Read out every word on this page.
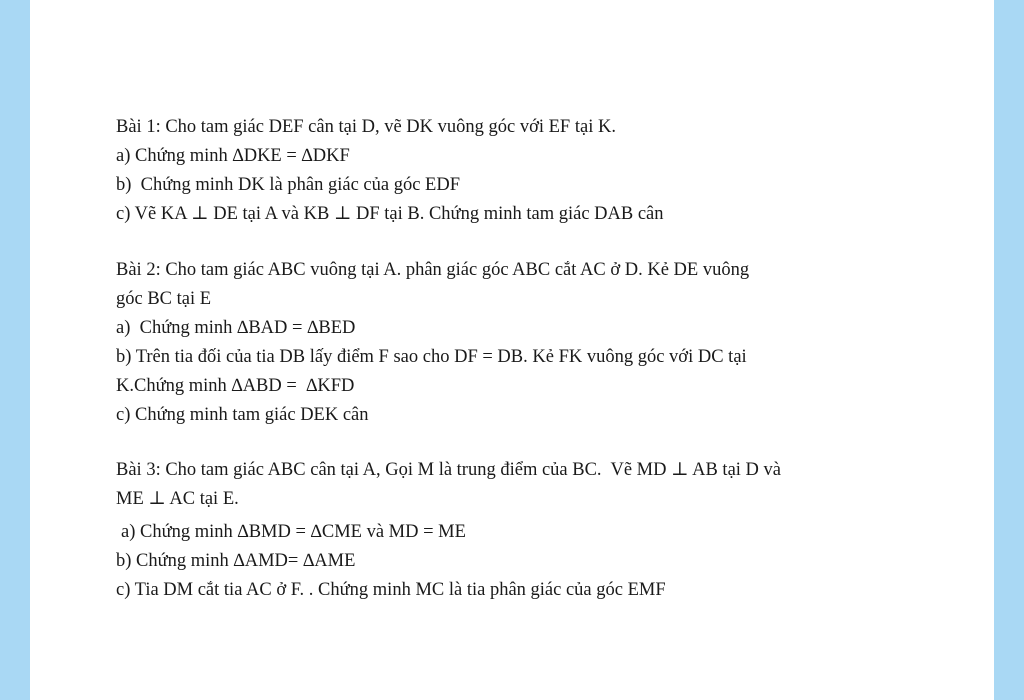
Bài 1: Cho tam giác DEF cân tại D, vẽ DK vuông góc với EF tại K.
a) Chứng minh ∆DKE = ∆DKF
b)  Chứng minh DK là phân giác của góc EDF
c) Vẽ KA ⊥ DE tại A và KB ⊥ DF tại B. Chứng minh tam giác DAB cân
Bài 2: Cho tam giác ABC vuông tại A. phân giác góc ABC cắt AC ở D. Kẻ DE vuông
góc BC tại E
a)  Chứng minh ∆BAD = ∆BED
b) Trên tia đối của tia DB lấy điểm F sao cho DF = DB. Kẻ FK vuông góc với DC tại
K.Chứng minh ∆ABD =  ∆KFD
c) Chứng minh tam giác DEK cân
Bài 3: Cho tam giác ABC cân tại A, Gọi M là trung điểm của BC.  Vẽ MD ⊥ AB tại D và
ME ⊥ AC tại E.
a) Chứng minh ∆BMD = ∆CME và MD = ME
b) Chứng minh ∆AMD= ∆AME
c) Tia DM cắt tia AC ở F. . Chứng minh MC là tia phân giác của góc EMF
